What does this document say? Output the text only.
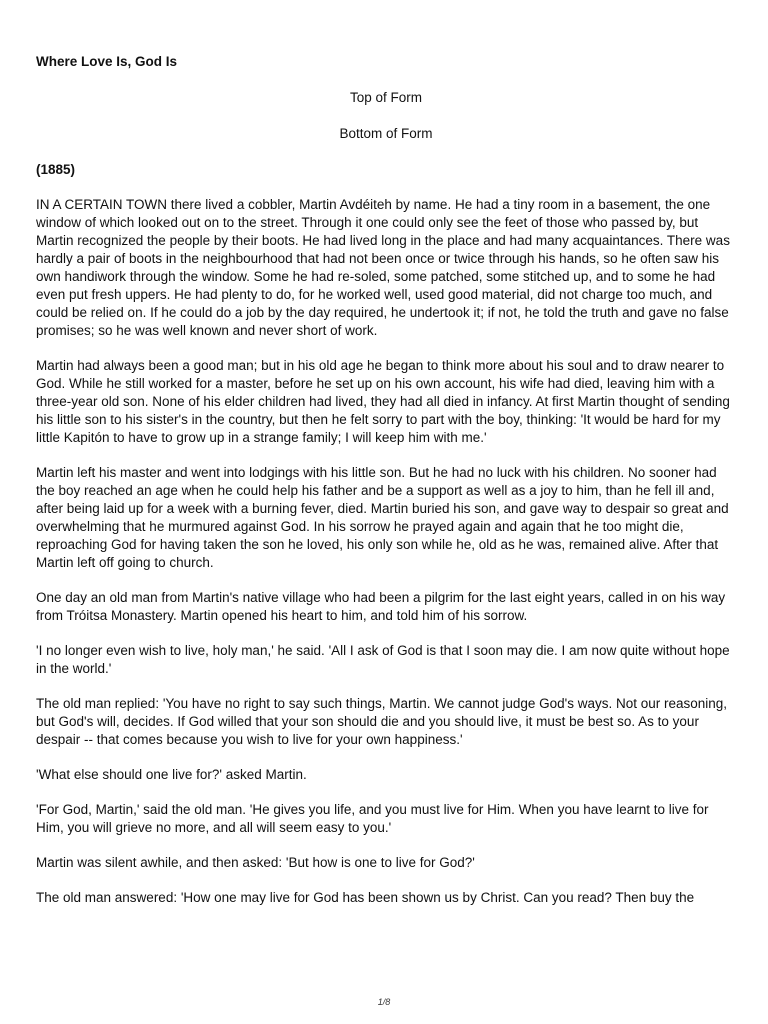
Where Love Is, God Is
Top of Form
Bottom of Form
(1885)

IN A CERTAIN TOWN there lived a cobbler, Martin Avdéiteh by name. He had a tiny room in a basement, the one window of which looked out on to the street. Through it one could only see the feet of those who passed by, but Martin recognized the people by their boots. He had lived long in the place and had many acquaintances. There was hardly a pair of boots in the neighbourhood that had not been once or twice through his hands, so he often saw his own handiwork through the window. Some he had re-soled, some patched, some stitched up, and to some he had even put fresh uppers. He had plenty to do, for he worked well, used good material, did not charge too much, and could be relied on. If he could do a job by the day required, he undertook it; if not, he told the truth and gave no false promises; so he was well known and never short of work.

Martin had always been a good man; but in his old age he began to think more about his soul and to draw nearer to God. While he still worked for a master, before he set up on his own account, his wife had died, leaving him with a three-year old son. None of his elder children had lived, they had all died in infancy. At first Martin thought of sending his little son to his sister's in the country, but then he felt sorry to part with the boy, thinking: 'It would be hard for my little Kapitón to have to grow up in a strange family; I will keep him with me.'

Martin left his master and went into lodgings with his little son. But he had no luck with his children. No sooner had the boy reached an age when he could help his father and be a support as well as a joy to him, than he fell ill and, after being laid up for a week with a burning fever, died. Martin buried his son, and gave way to despair so great and overwhelming that he murmured against God. In his sorrow he prayed again and again that he too might die, reproaching God for having taken the son he loved, his only son while he, old as he was, remained alive. After that Martin left off going to church.

One day an old man from Martin's native village who had been a pilgrim for the last eight years, called in on his way from Tróitsa Monastery. Martin opened his heart to him, and told him of his sorrow.

'I no longer even wish to live, holy man,' he said. 'All I ask of God is that I soon may die. I am now quite without hope in the world.'

The old man replied: 'You have no right to say such things, Martin. We cannot judge God's ways. Not our reasoning, but God's will, decides. If God willed that your son should die and you should live, it must be best so. As to your despair -- that comes because you wish to live for your own happiness.'

'What else should one live for?' asked Martin.

'For God, Martin,' said the old man. 'He gives you life, and you must live for Him. When you have learnt to live for Him, you will grieve no more, and all will seem easy to you.'

Martin was silent awhile, and then asked: 'But how is one to live for God?'

The old man answered: 'How one may live for God has been shown us by Christ. Can you read? Then buy the

1/8
